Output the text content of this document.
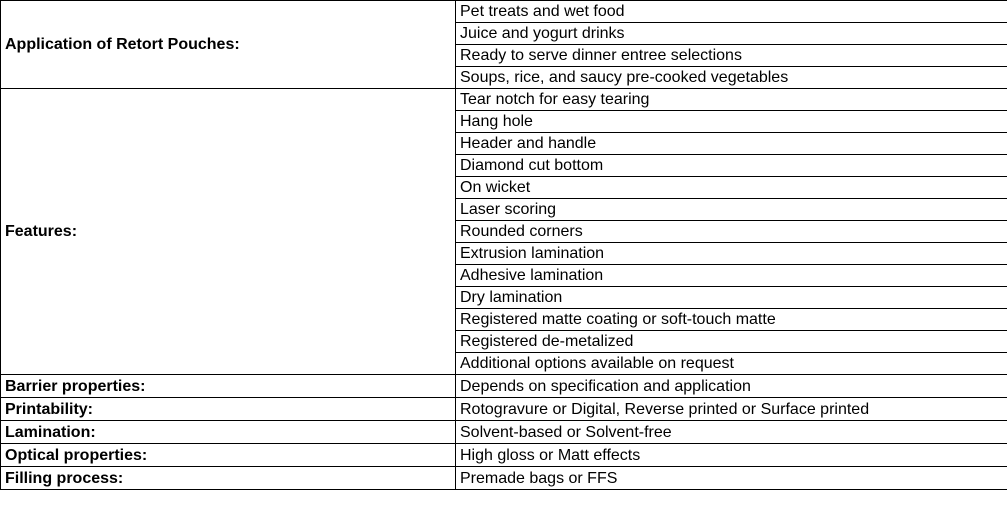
Application of Retort Pouches:	Pet treats and wet food
	Juice and yogurt drinks
	Ready to serve dinner entree selections
	Soups, rice, and saucy pre-cooked vegetables
Features:	Tear notch for easy tearing
	Hang hole
	Header and handle
	Diamond cut bottom
	On wicket
	Laser scoring
	Rounded corners
	Extrusion lamination
	Adhesive lamination
	Dry lamination
	Registered matte coating or soft-touch matte
	Registered de-metalized
	Additional options available on request
Barrier properties:	Depends on specification and application
Printability:	Rotogravure or Digital, Reverse printed or Surface printed
Lamination:	Solvent-based or Solvent-free
Optical properties:	High gloss or Matt effects
Filling process:	Premade bags or FFS
